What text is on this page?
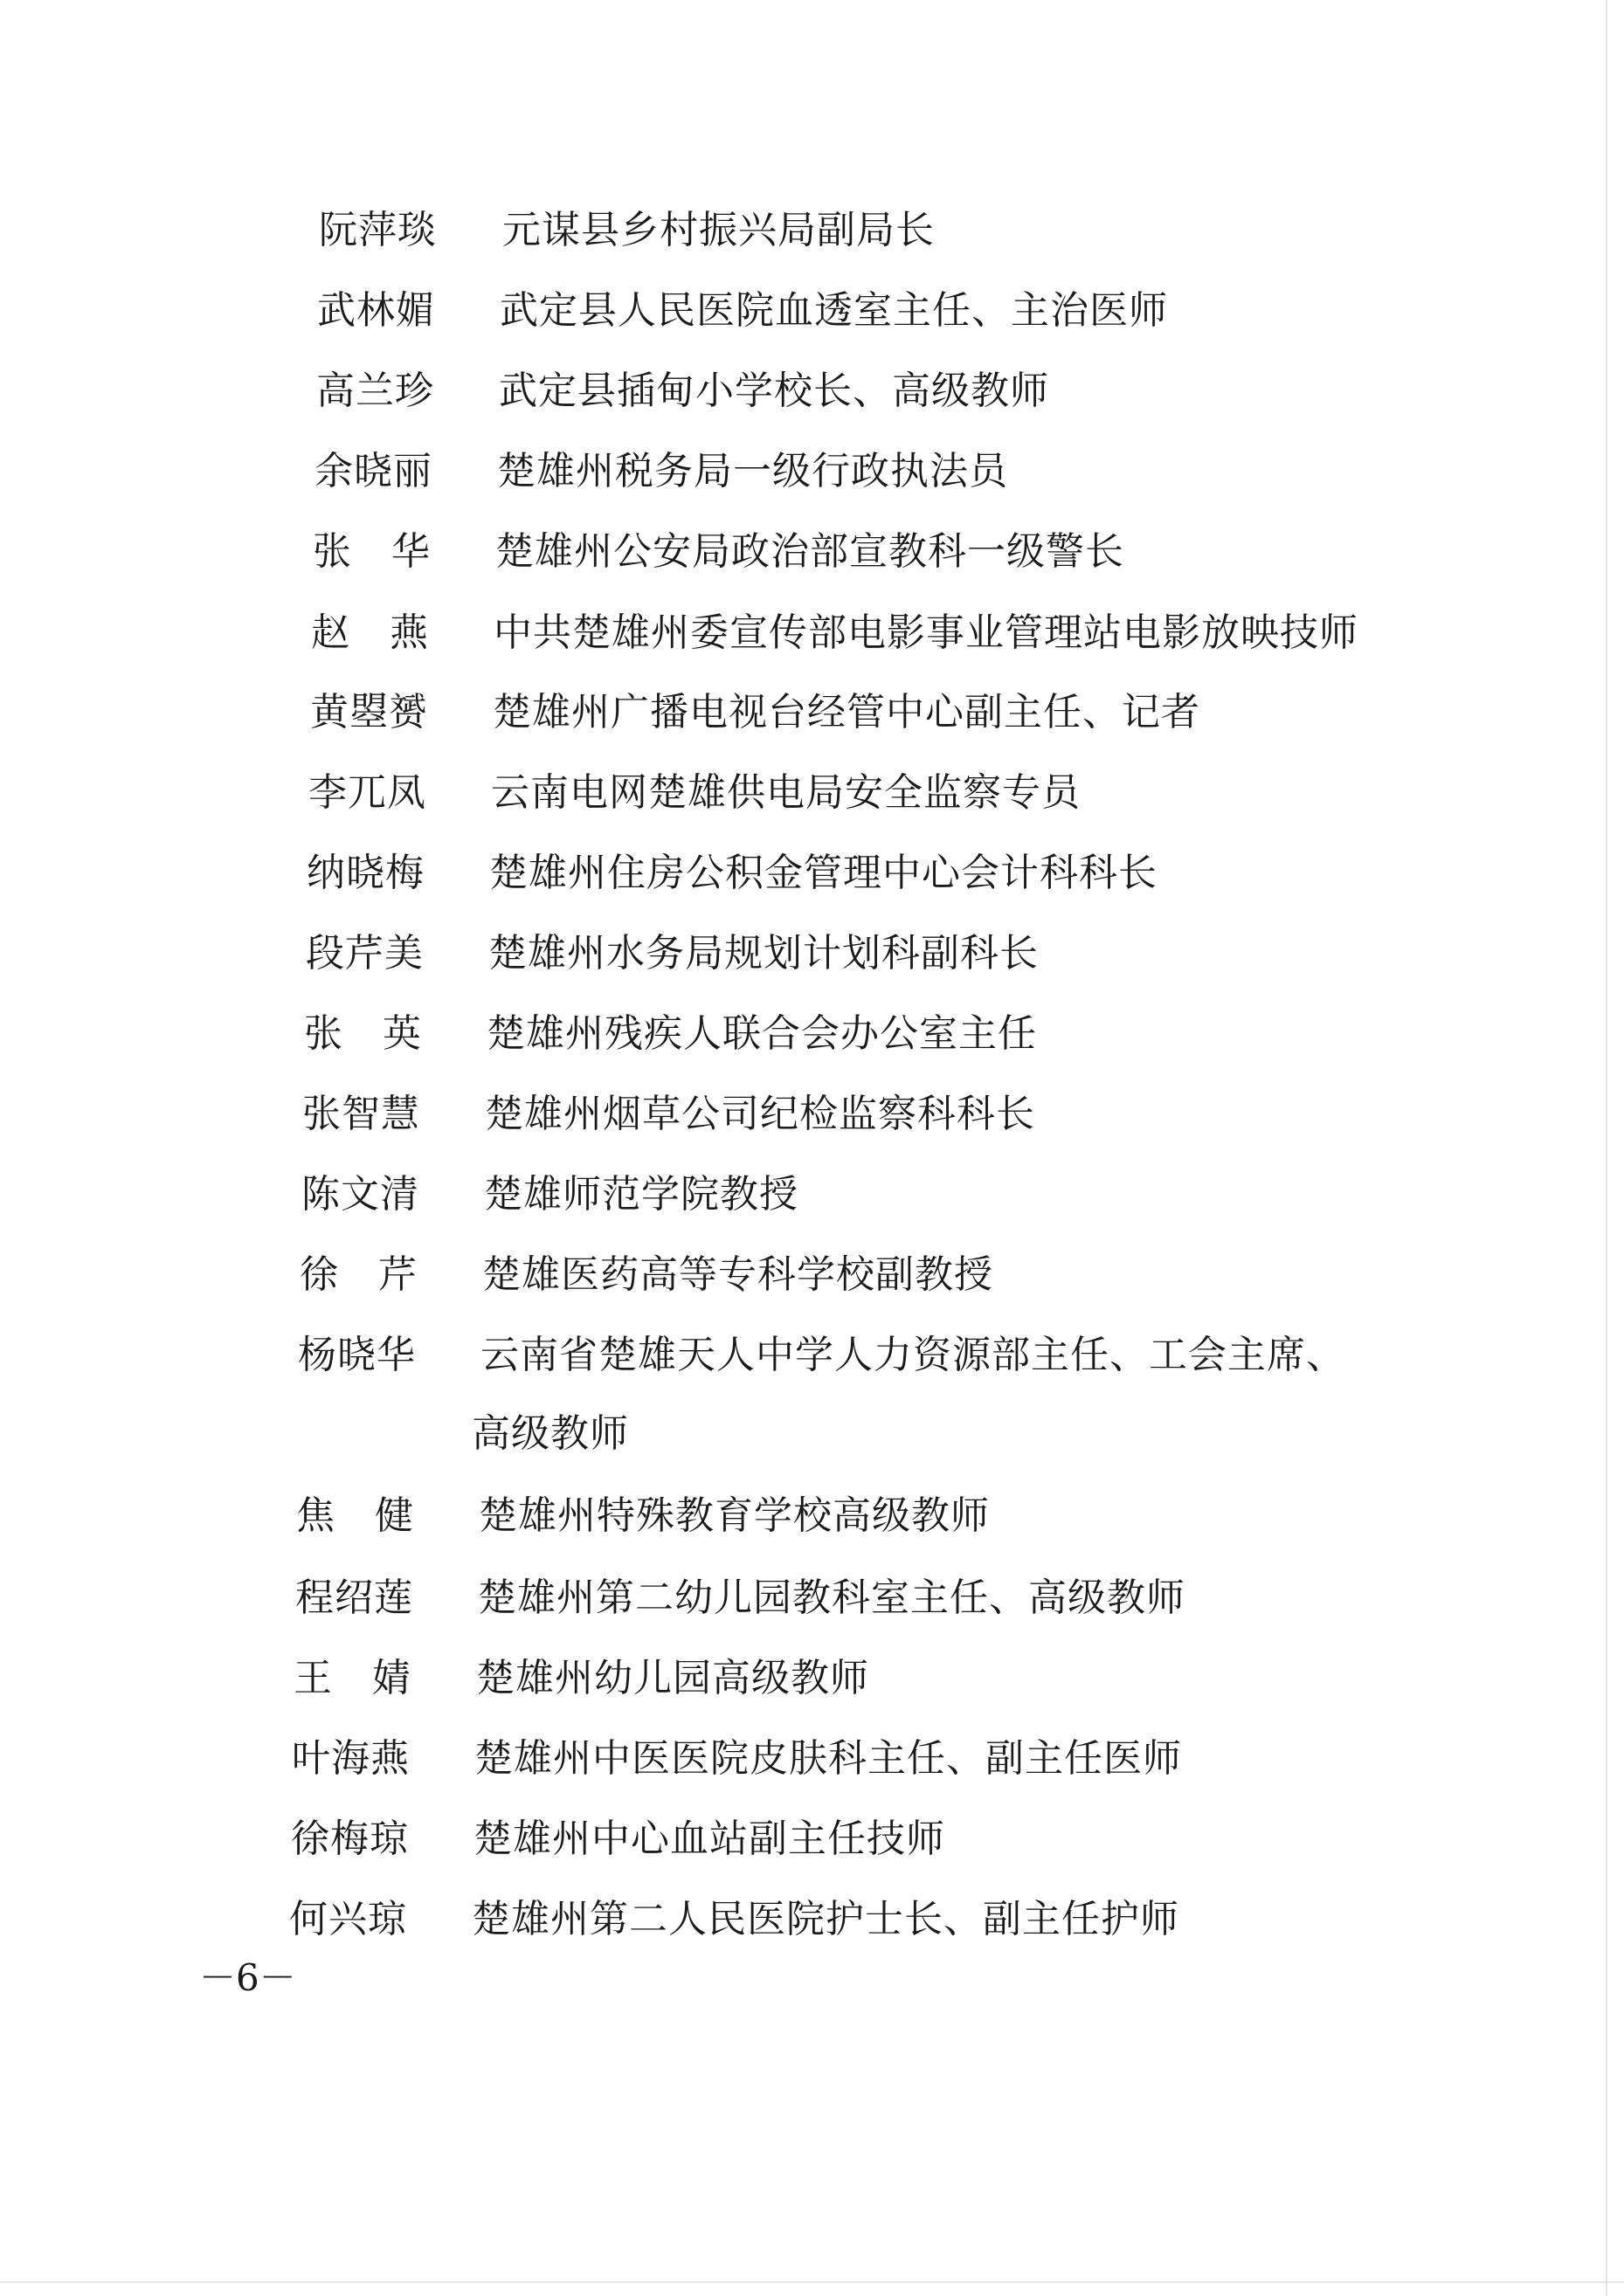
阮萍琰 元谋县乡村振兴局副局长
武林媚 武定县人民医院血透室主任、主治医师
高兰珍 武定县插甸小学校长、高级教师
余晓丽 楚雄州税务局一级行政执法员
张　华 楚雄州公安局政治部宣教科一级警长
赵　燕 中共楚雄州委宣传部电影事业管理站电影放映技师
黄曌赟 楚雄州广播电视台经管中心副主任、记者
李兀凤 云南电网楚雄供电局安全监察专员
纳晓梅 楚雄州住房公积金管理中心会计科科长
段芹美 楚雄州水务局规划计划科副科长
张　英 楚雄州残疾人联合会办公室主任
张智慧 楚雄州烟草公司纪检监察科科长
陈文清 楚雄师范学院教授
徐　芹 楚雄医药高等专科学校副教授
杨晓华 云南省楚雄天人中学人力资源部主任、工会主席、
高级教师
焦　健 楚雄州特殊教育学校高级教师
程绍莲 楚雄州第二幼儿园教科室主任、高级教师
王　婧 楚雄州幼儿园高级教师
叶海燕 楚雄州中医医院皮肤科主任、副主任医师
徐梅琼 楚雄州中心血站副主任技师
何兴琼 楚雄州第二人民医院护士长、副主任护师
－6－
